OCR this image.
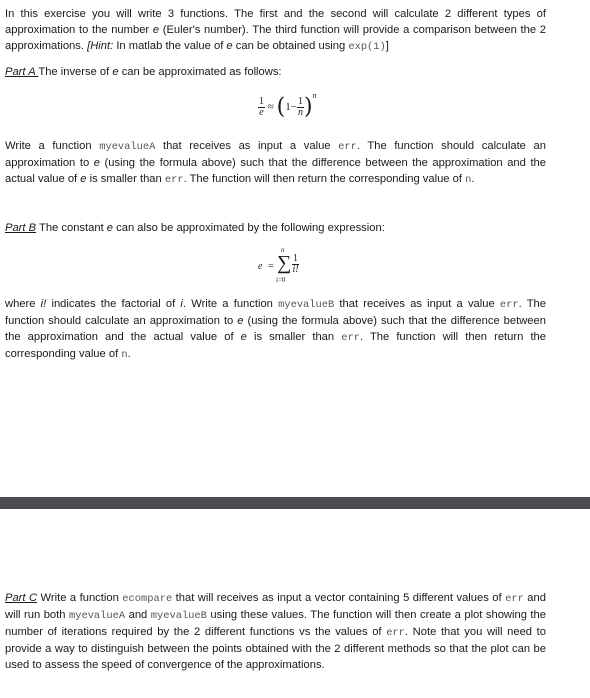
In this exercise you will write 3 functions. The first and the second will calculate 2 different types of approximation to the number e (Euler's number). The third function will provide a comparison between the 2 approximations. [Hint: In matlab the value of e can be obtained using exp(1)]

Part A The inverse of e can be approximated as follows:

$\frac{1}{e} \approx (1- \frac{1}{n} )^n$

Write a function myevalueA that receives as input a value err. The function should calculate an approximation to e (using the formula above) such that the difference between the approximation and the actual value of e is smaller than err. The function will then return the corresponding value of n.

Part B The constant e can also be approximated by the following expression:

e =
n
∑
i=0
$\frac{1}{i!}$

where i! indicates the factorial of i. Write a function myevalueB that receives as input a value err. The function should calculate an approximation to e (using the formula above) such that the difference between the approximation and the actual value of e is smaller than err. The function will then return the corresponding value of n.

Part C Write a function ecompare that will receives as input a vector containing 5 different values of err and will run both myevalueA and myevalueB using these values. The function will then create a plot showing the number of iterations required by the 2 different functions vs the values of err. Note that you will need to provide a way to distinguish between the points obtained with the 2 different methods so that the plot can be used to assess the speed of convergence of the approximations.
